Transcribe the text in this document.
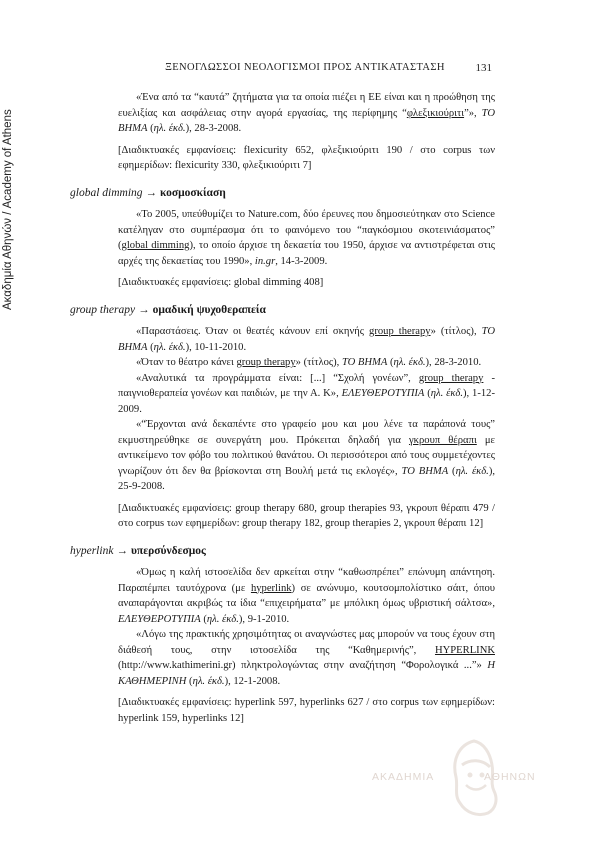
Ακαδημία Αθηνών / Academy of Athens
ΞΕΝΟΓΛΩΣΣΟΙ ΝΕΟΛΟΓΙΣΜΟΙ ΠΡΟΣ ΑΝΤΙΚΑΤΑΣΤΑΣΗ	131

«Ένα από τα “καυτά” ζητήματα για τα οποία πιέζει η ΕΕ είναι και η προώθηση της ευελιξίας και ασφάλειας στην αγορά εργασίας, της περίφημης “φλεξικιούριτι”», ΤΟ ΒΗΜΑ (ηλ. έκδ.), 28-3-2008.

[Διαδικτυακές εμφανίσεις: flexicurity 652, φλεξικιούριτι 190 / στο corpus των εφημερίδων: flexicurity 330, φλεξικιούριτι 7]

global dimming → κοσμοσκίαση

«Το 2005, υπεύθυμίζει το Nature.com, δύο έρευνες που δημοσιεύτηκαν στο Science κατέληγαν στο συμπέρασμα ότι το φαινόμενο του “παγκόσμιου σκοτεινιάσματος” (global dimming), το οποίο άρχισε τη δεκαετία του 1950, άρχισε να αντιστρέφεται στις αρχές της δεκαετίας του 1990», in.gr, 14-3-2009.

[Διαδικτυακές εμφανίσεις: global dimming 408]

group therapy → ομαδική ψυχοθεραπεία

«Παραστάσεις. Όταν οι θεατές κάνουν επί σκηνής group therapy» (τίτλος), ΤΟ ΒΗΜΑ (ηλ. έκδ.), 10-11-2010.

«Όταν το θέατρο κάνει group therapy» (τίτλος), ΤΟ ΒΗΜΑ (ηλ. έκδ.), 28-3-2010.

«Αναλυτικά τα προγράμματα είναι: [...] “Σχολή γονέων”, group therapy - παιγνιοθεραπεία γονέων και παιδιών, με την Α. Κ», ΕΛΕΥΘΕΡΟΤΥΠΙΑ (ηλ. έκδ.), 1-12-2009.

«“Έρχονται ανά δεκαπέντε στο γραφείο μου και μου λένε τα παράπονά τους” εκμυστηρεύθηκε σε συνεργάτη μου. Πρόκειται δηλαδή για γκρουπ θέραπι με αντικείμενο τον φόβο του πολιτικού θανάτου. Οι περισσότεροι από τους συμμετέχοντες γνωρίζουν ότι δεν θα βρίσκονται στη Βουλή μετά τις εκλογές», ΤΟ ΒΗΜΑ (ηλ. έκδ.), 25-9-2008.

[Διαδικτυακές εμφανίσεις: group therapy 680, group therapies 93, γκρουπ θέραπι 479 / στο corpus των εφημερίδων: group therapy 182, group therapies 2, γκρουπ θέραπι 12]

hyperlink → υπερσύνδεσμος

«Όμως η καλή ιστοσελίδα δεν αρκείται στην “καθωσπρέπει” επώνυμη απάντηση. Παραπέμπει ταυτόχρονα (με hyperlink) σε ανώνυμο, κουτσομπολίστικο σάιτ, όπου αναπαράγονται ακριβώς τα ίδια “επιχειρήματα” με μπόλικη όμως υβριστική σάλτσα», ΕΛΕΥΘΕΡΟΤΥΠΙΑ (ηλ. έκδ.), 9-1-2010.

«Λόγω της πρακτικής χρησιμότητας οι αναγνώστες μας μπορούν να τους έχουν στη διάθεσή τους, στην ιστοσελίδα της “Καθημερινής”, HYPERLINK (http://www.kathimerini.gr) πληκτρολογώντας στην αναζήτηση “Φορολογικά ...”» Η ΚΑΘΗΜΕΡΙΝΗ (ηλ. έκδ.), 12-1-2008.

[Διαδικτυακές εμφανίσεις: hyperlink 597, hyperlinks 627 / στο corpus των εφημερίδων: hyperlink 159, hyperlinks 12]

ΑΚΑΔΗΜΙΑ	ΑΘΗΝΩΝ
